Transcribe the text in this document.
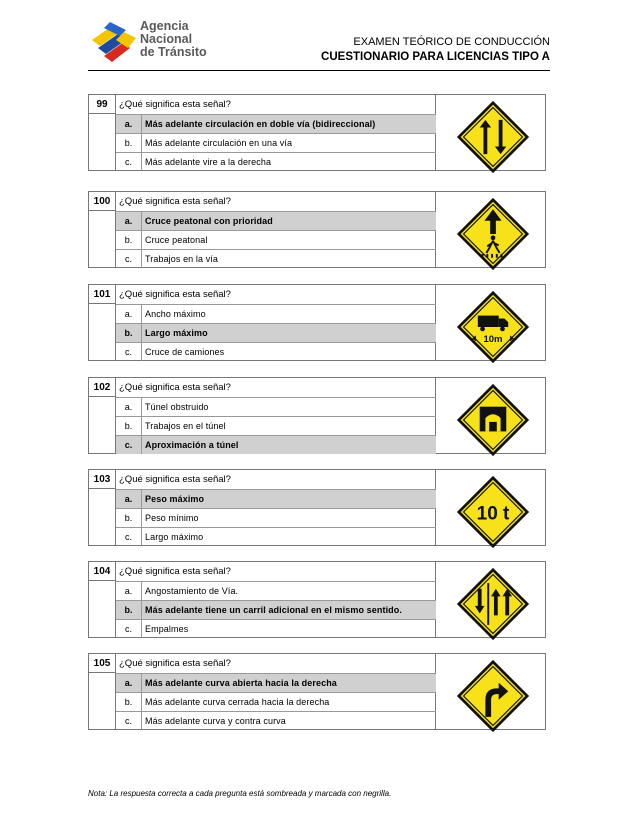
Agencia
Nacional
de Tránsito
EXAMEN TEÓRICO DE CONDUCCIÓN
CUESTIONARIO PARA LICENCIAS TIPO A
99	¿Qué significa esta señal?
a.	Más adelante circulación en doble vía (bidireccional)
b.	Más adelante circulación en una vía
c.	Más adelante vire a la derecha
100 ¿Qué significa esta señal?
a.	Cruce peatonal con prioridad
b.	Cruce peatonal
c.	Trabajos en la vía
101 ¿Qué significa esta señal?
a.	Ancho máximo
b.	Largo máximo
c.	Cruce de camiones
10m
102 ¿Qué significa esta señal?
a.	Túnel obstruido
b.	Trabajos en el túnel
c.	Aproximación a túnel
103 ¿Qué significa esta señal?
a.	Peso máximo
b.	Peso mínimo
c.	Largo máximo
10 t
104 ¿Qué significa esta señal?
a.	Angostamiento de Vía.
b.	Más adelante tiene un carril adicional en el mismo sentido.
c.	Empalmes
105 ¿Qué significa esta señal?
a.	Más adelante curva abierta hacia la derecha
b.	Más adelante curva cerrada hacia la derecha
c.	Más adelante curva y contra curva
Nota: La respuesta correcta a cada pregunta está sombreada y marcada con negrilla.
